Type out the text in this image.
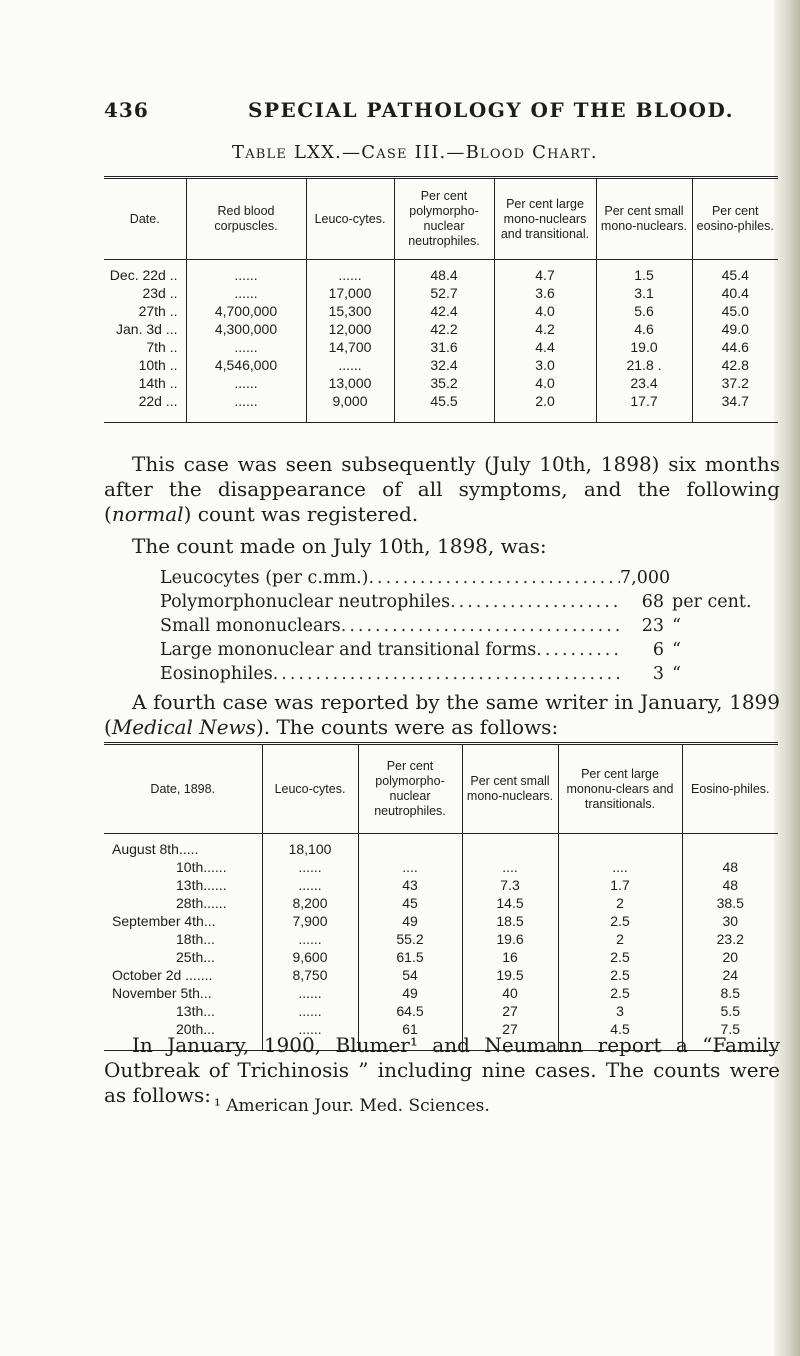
436	SPECIAL PATHOLOGY OF THE BLOOD.
Table LXX.—Case III.—Blood Chart.
Date.	Red blood corpuscles.	Leuco-cytes.	Per cent polymorpho-nuclear neutrophiles.	Per cent large mono-nuclears and transitional.	Per cent small mono-nuclears.	Per cent eosino-philes.
Dec. 22d ..	......	......	48.4	4.7	1.5	45.4
23d ..	......	17,000	52.7	3.6	3.1	40.4
27th ..	4,700,000	15,300	42.4	4.0	5.6	45.0
Jan. 3d ...	4,300,000	12,000	42.2	4.2	4.6	49.0
7th ..	......	14,700	31.6	4.4	19.0	44.6
10th ..	4,546,000	......	32.4	3.0	21.8 .	42.8
14th ..	......	13,000	35.2	4.0	23.4	37.2
22d ...	......	9,000	45.5	2.0	17.7	34.7

This case was seen subsequently (July 10th, 1898) six months after the disappearance of all symptoms, and the following (normal) count was registered.

The count made on July 10th, 1898, was:

Leucocytes (per c.mm.) .....	7,000
Polymorphonuclear neutrophiles .....	68 per cent.
Small mononuclears .....	23 “
Large mononuclear and transitional forms .....	6 “
Eosinophiles .....	3 “

A fourth case was reported by the same writer in January, 1899 (Medical News). The counts were as follows:

Date, 1898.	Leuco-cytes.	Per cent polymorpho-nuclear neutrophiles.	Per cent small mono-nuclears.	Per cent large mononu-clears and transitionals.	Eosino-philes.
August 8th.....	18,100				
10th......	......	....	....	....	48
13th......	......	43	7.3	1.7	48
28th......	8,200	45	14.5	2	38.5
September 4th...	7,900	49	18.5	2.5	30
18th...	......	55.2	19.6	2	23.2
25th...	9,600	61.5	16	2.5	20
October 2d .......	8,750	54	19.5	2.5	24
November 5th...	......	49	40	2.5	8.5
13th...	......	64.5	27	3	5.5
20th...	......	61	27	4.5	7.5

In January, 1900, Blumer¹ and Neumann report a “Family Outbreak of Trichinosis ” including nine cases. The counts were as follows: ¹ American Jour. Med. Sciences.
